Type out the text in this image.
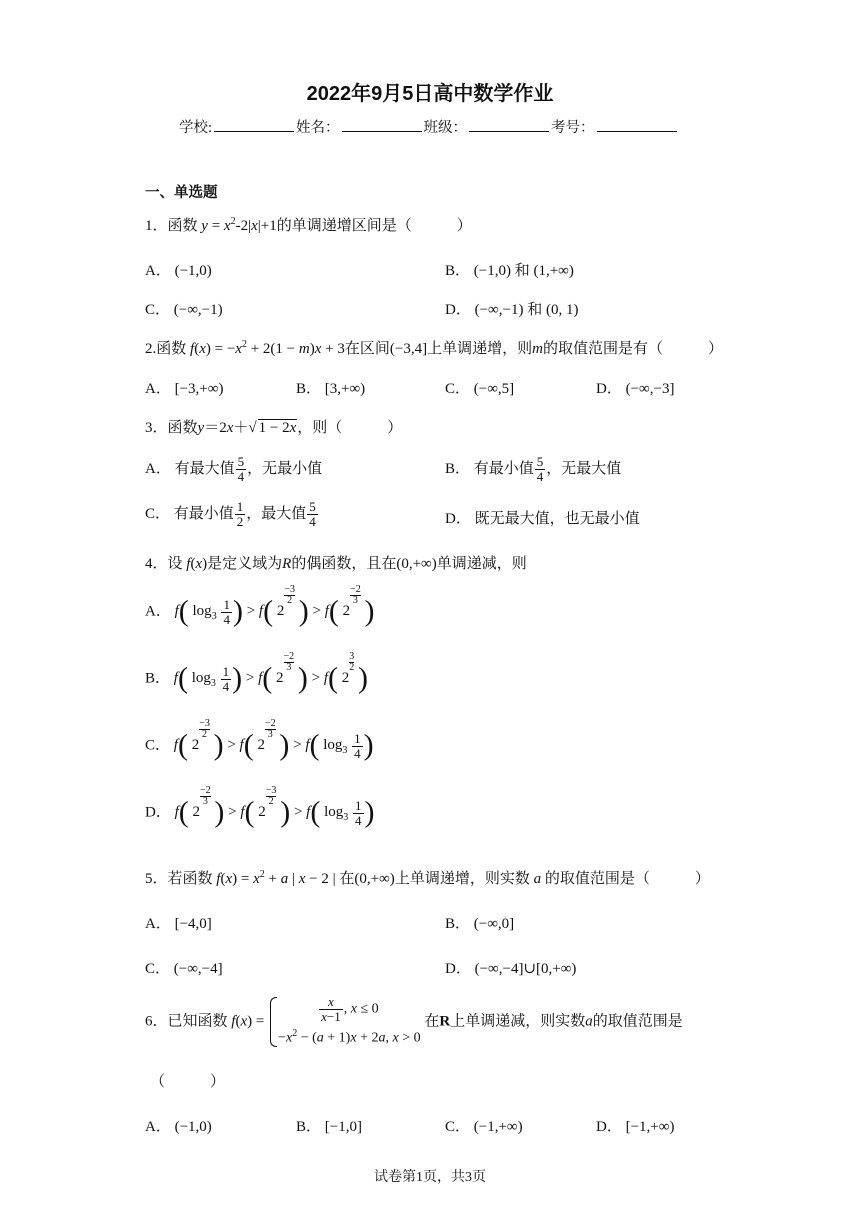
2022年9月5日高中数学作业
学校:	姓名：	班级：	考号：
一、单选题
1．函数 $y = x^2-2|x|+1$的单调递增区间是（　　　）
A． (−1,0)	B． (−1,0) 和 (1,+∞)
C． (−∞,−1)	D． (−∞,−1) 和 (0, 1)
2.函数 $f(x) = -x^2 + 2(1 - m)x + 3$在区间(−3,4]上单调递增，则m的取值范围是有（　　　）
A． [−3,+∞)	B． [3,+∞)	C． (−∞,5]	D． (−∞,−3]
3．函数y＝2x＋√ 1 − 2x，则（　　　）
A． 有最大值 $\frac{5}{4}$ ，无最小值	B． 有最小值 $\frac{5}{4}$ ，无最大值
C． 有最小值 $\frac{1}{2}$ ，最大值 $\frac{5}{4}$	D． 既无最大值，也无最小值
4．设 f(x)是定义域为R的偶函数，且在(0,+∞)单调递减，则
A． f( $\log_3 \frac{1}{4}$ ) > f( 2
$\frac{-3}{2}$ ) > f( 2
$\frac{-2}{3}$ )
B． f( $\log_3 \frac{1}{4}$ ) > f( 2
$\frac{-2}{3}$ ) > f( 2
$\frac{3}{2}$ )
C． f( 2
$\frac{-3}{2}$ ) > f( 2
$\frac{-2}{3}$ ) > f( $\log_3 \frac{1}{4}$ )
D． f( 2
$\frac{-2}{3}$ ) > f( 2
$\frac{-3}{2}$ ) > f( $\log_3 \frac{1}{4}$ )
5．若函数 $f(x) = x^2 + a$ | x − 2 | 在(0,+∞)上单调递增，则实数 a 的取值范围是（　　　）
A． [−4,0]	B． (−∞,0]
C． (−∞,−4]	D． (−∞,−4]∪[0,+∞)
6．已知函数 f(x) =	$\frac{x}{x-1}$ , x ≤ 0
$-x^2 - (a + 1)x + 2a$, x > 0
在R上单调递减，则实数a的取值范围是
（　　　）
A． (−1,0)	B． [−1,0]	C． (−1,+∞)	D． [−1,+∞)
试卷第1页，共3页
